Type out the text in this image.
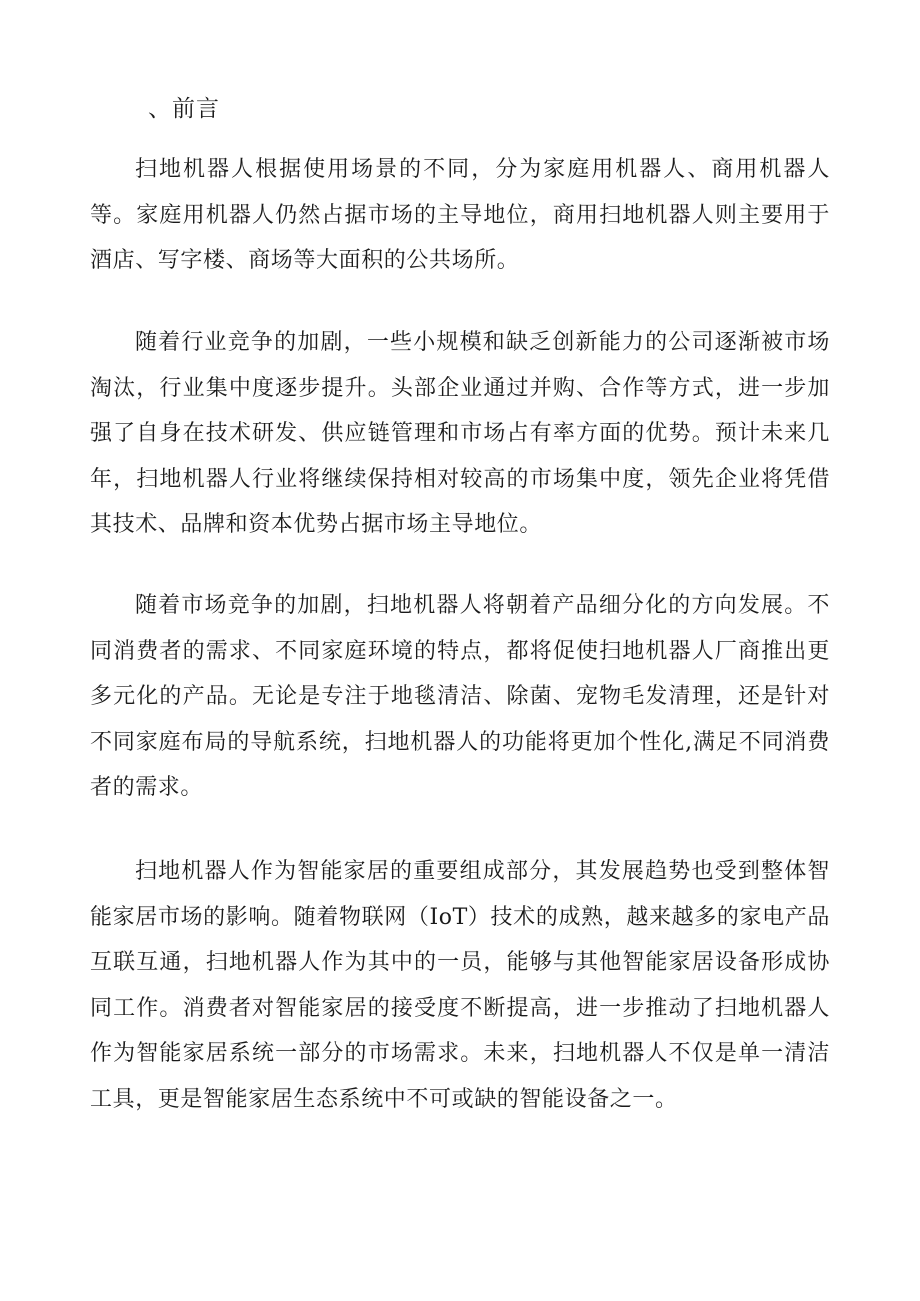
、前言

扫地机器人根据使用场景的不同，分为家庭用机器人、商用机器人等。家庭用机器人仍然占据市场的主导地位，商用扫地机器人则主要用于酒店、写字楼、商场等大面积的公共场所。

随着行业竞争的加剧，一些小规模和缺乏创新能力的公司逐渐被市场淘汰，行业集中度逐步提升。头部企业通过并购、合作等方式，进一步加强了自身在技术研发、供应链管理和市场占有率方面的优势。预计未来几年，扫地机器人行业将继续保持相对较高的市场集中度，领先企业将凭借其技术、品牌和资本优势占据市场主导地位。

随着市场竞争的加剧，扫地机器人将朝着产品细分化的方向发展。不同消费者的需求、不同家庭环境的特点，都将促使扫地机器人厂商推出更多元化的产品。无论是专注于地毯清洁、除菌、宠物毛发清理，还是针对不同家庭布局的导航系统，扫地机器人的功能将更加个性化,满足不同消费者的需求。

扫地机器人作为智能家居的重要组成部分，其发展趋势也受到整体智能家居市场的影响。随着物联网（IoT）技术的成熟，越来越多的家电产品互联互通，扫地机器人作为其中的一员，能够与其他智能家居设备形成协同工作。消费者对智能家居的接受度不断提高，进一步推动了扫地机器人作为智能家居系统一部分的市场需求。未来，扫地机器人不仅是单一清洁工具，更是智能家居生态系统中不可或缺的智能设备之一。
